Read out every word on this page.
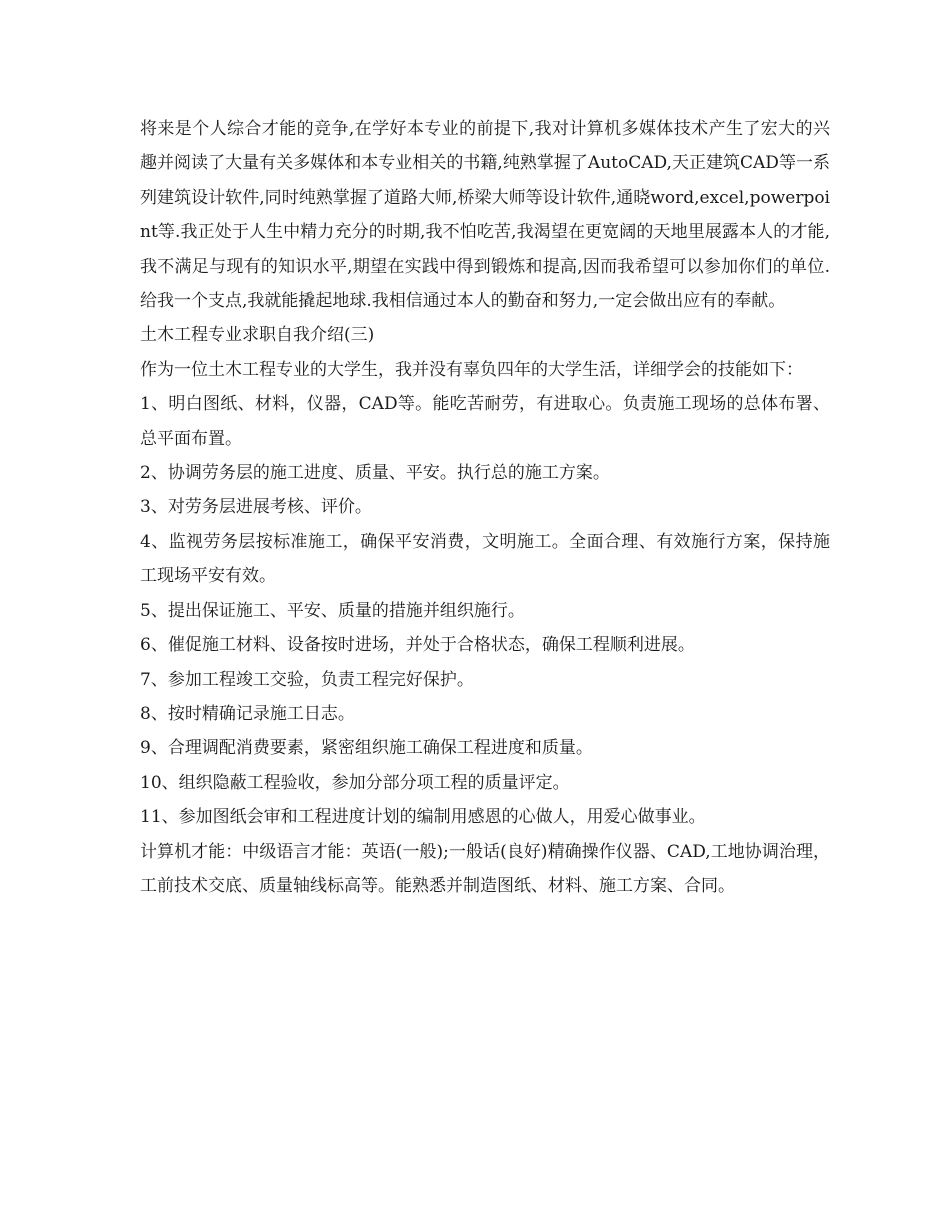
将来是个人综合才能的竞争,在学好本专业的前提下,我对计算机多媒体技术产生了宏大的兴趣并阅读了大量有关多媒体和本专业相关的书籍,纯熟掌握了AutoCAD,天正建筑CAD等一系列建筑设计软件,同时纯熟掌握了道路大师,桥梁大师等设计软件,通晓word,excel,powerpoint等.我正处于人生中精力充分的时期,我不怕吃苦,我渴望在更宽阔的天地里展露本人的才能,我不满足与现有的知识水平,期望在实践中得到锻炼和提高,因而我希望可以参加你们的单位.给我一个支点,我就能撬起地球.我相信通过本人的勤奋和努力,一定会做出应有的奉献。

土木工程专业求职自我介绍(三)

作为一位土木工程专业的大学生，我并没有辜负四年的大学生活，详细学会的技能如下：

1、明白图纸、材料，仪器，CAD等。能吃苦耐劳，有进取心。负责施工现场的总体布署、总平面布置。

2、协调劳务层的施工进度、质量、平安。执行总的施工方案。

3、对劳务层进展考核、评价。

4、监视劳务层按标准施工，确保平安消费，文明施工。全面合理、有效施行方案，保持施工现场平安有效。

5、提出保证施工、平安、质量的措施并组织施行。

6、催促施工材料、设备按时进场，并处于合格状态，确保工程顺利进展。

7、参加工程竣工交验，负责工程完好保护。

8、按时精确记录施工日志。

9、合理调配消费要素，紧密组织施工确保工程进度和质量。

10、组织隐蔽工程验收，参加分部分项工程的质量评定。

11、参加图纸会审和工程进度计划的编制用感恩的心做人，用爱心做事业。

计算机才能：中级语言才能：英语(一般);一般话(良好)精确操作仪器、CAD,工地协调治理，工前技术交底、质量轴线标高等。能熟悉并制造图纸、材料、施工方案、合同。
